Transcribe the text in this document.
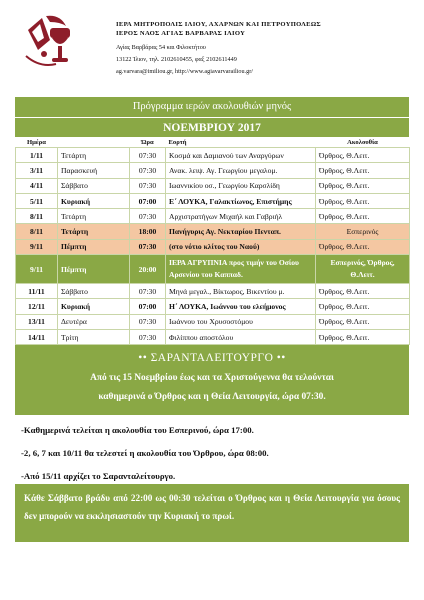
ΙΕΡΑ ΜΗΤΡΟΠΟΛΙΣ ΙΛΙΟΥ, ΑΧΑΡΝΩΝ ΚΑΙ ΠΕΤΡΟΥΠΟΛΕΩΣ
ΙΕΡΟΣ ΝΑΟΣ ΑΓΙΑΣ ΒΑΡΒΑΡΑΣ ΙΛΙΟΥ
Αγίας Βαρβάρας 54 και Φιλοκτήτου
13122 Ίλιον, τηλ. 2102610455, φαξ 2102611449
ag.varvara@imiliou.gr, http://www.agiavarvarailiou.gr/
Πρόγραμμα ιερών ακολουθιών μηνός
ΝΟΕΜΒΡΙΟΥ 2017
Ημέρα		Ώρα	Εορτή	Ακολουθία
1/11	Τετάρτη	07:30	Κοσμά και Δαμιανού των Αναργύρων	Όρθρος, Θ.Λειτ.
3/11	Παρασκευή	07:30	Ανακ. λειψ. Αγ. Γεωργίου μεγαλομ.	Όρθρος, Θ.Λειτ.
4/11	Σάββατο	07:30	Ιωαννικίου οσ., Γεωργίου Καρσλίδη	Όρθρος, Θ.Λειτ.
5/11	Κυριακή	07:00	Ε΄ ΛΟΥΚΑ, Γαλακτίωνος, Επιστήμης	Όρθρος, Θ.Λειτ.
8/11	Τετάρτη	07:30	Αρχιστρατήγων Μιχαήλ και Γαβριήλ	Όρθρος, Θ.Λειτ.
8/11	Τετάρτη	18:00	Πανήγυρις Αγ. Νεκταρίου Πενταπ.	Εσπερινός
9/11	Πέμπτη	07:30	(στο νότιο κλίτος του Ναού)	Όρθρος, Θ.Λειτ.
9/11	Πέμπτη	20:00	ΙΕΡΑ ΑΓΡΥΠΝΙΑ προς τιμήν του Οσίου Αρσενίου του Καππαδ.	Εσπερινός, Όρθρος, Θ.Λειτ.
11/11	Σάββατο	07:30	Μηνά μεγαλ., Βίκτωρος, Βικεντίου μ.	Όρθρος, Θ.Λειτ.
12/11	Κυριακή	07:00	Η΄ ΛΟΥΚΑ, Ιωάννου του ελεήμονος	Όρθρος, Θ.Λειτ.
13/11	Δευτέρα	07:30	Ιωάννου του Χρυσοστόμου	Όρθρος, Θ.Λειτ.
14/11	Τρίτη	07:30	Φιλίππου αποστόλου	Όρθρος, Θ.Λειτ.
•• ΣΑΡΑΝΤΑΛΕΙΤΟΥΡΓΟ ••
Από τις 15 Νοεμβρίου έως και τα Χριστούγεννα θα τελούνται
καθημερινά ο Όρθρος και η Θεία Λειτουργία, ώρα 07:30.

-Καθημερινά τελείται η ακολουθία του Εσπερινού, ώρα 17:00.

-2, 6, 7 και 10/11 θα τελεστεί η ακολουθία του Όρθρου, ώρα 08:00.

-Από 15/11 αρχίζει το Σαρανταλείτουργο.

Κάθε Σάββατο βράδυ από 22:00 ως 00:30 τελείται ο Όρθρος και η Θεία Λειτουργία για όσους δεν μπορούν να εκκλησιαστούν την Κυριακή το πρωί.
